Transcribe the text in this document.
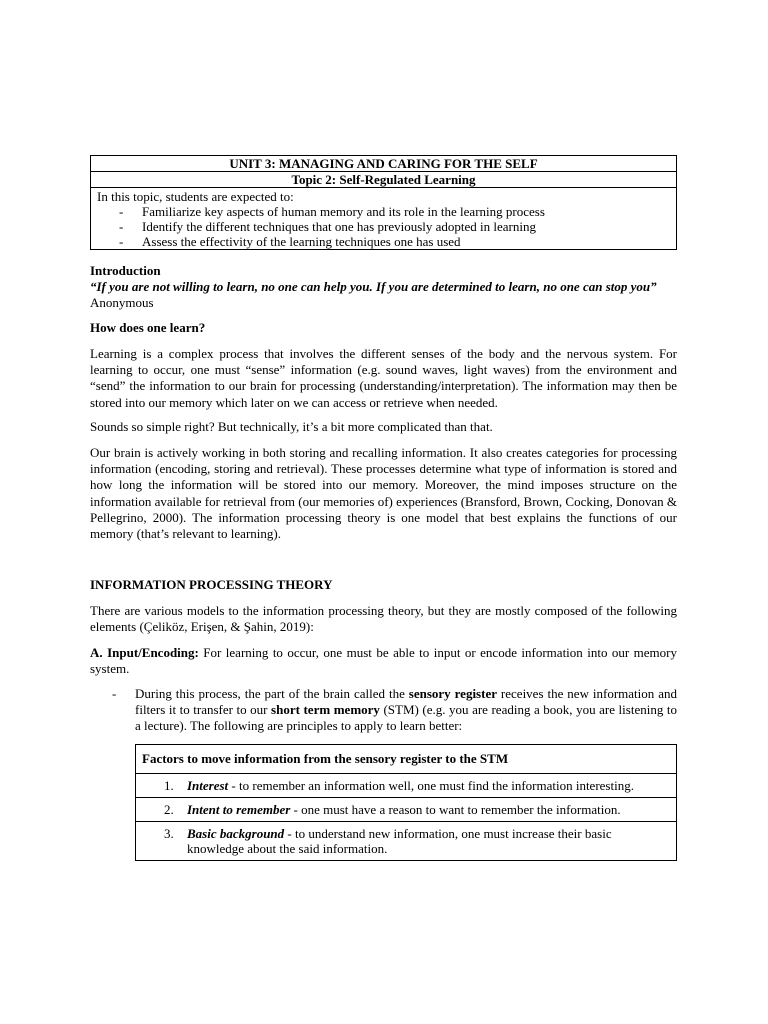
UNIT 3: MANAGING AND CARING FOR THE SELF
Topic 2: Self-Regulated Learning

In this topic, students are expected to:
- Familiarize key aspects of human memory and its role in the learning process
- Identify the different techniques that one has previously adopted in learning
- Assess the effectivity of the learning techniques one has used

Introduction

“If you are not willing to learn, no one can help you. If you are determined to learn, no one can stop you” Anonymous

How does one learn?

Learning is a complex process that involves the different senses of the body and the nervous system. For learning to occur, one must “sense” information (e.g. sound waves, light waves) from the environment and “send” the information to our brain for processing (understanding/interpretation). The information may then be stored into our memory which later on we can access or retrieve when needed.

Sounds so simple right? But technically, it’s a bit more complicated than that.

Our brain is actively working in both storing and recalling information. It also creates categories for processing information (encoding, storing and retrieval). These processes determine what type of information is stored and how long the information will be stored into our memory. Moreover, the mind imposes structure on the information available for retrieval from (our memories of) experiences (Bransford, Brown, Cocking, Donovan & Pellegrino, 2000). The information processing theory is one model that best explains the functions of our memory (that’s relevant to learning).

INFORMATION PROCESSING THEORY

There are various models to the information processing theory, but they are mostly composed of the following elements (Çeliköz, Erişen, & Şahin, 2019):

A. Input/Encoding: For learning to occur, one must be able to input or encode information into our memory system.

- During this process, the part of the brain called the sensory register receives the new information and filters it to transfer to our short term memory (STM) (e.g. you are reading a book, you are listening to a lecture). The following are principles to apply to learn better:
Factors to move information from the sensory register to the STM

1. Interest - to remember an information well, one must find the information interesting.

2. Intent to remember - one must have a reason to want to remember the information.

3. Basic background - to understand new information, one must increase their basic knowledge about the said information.
